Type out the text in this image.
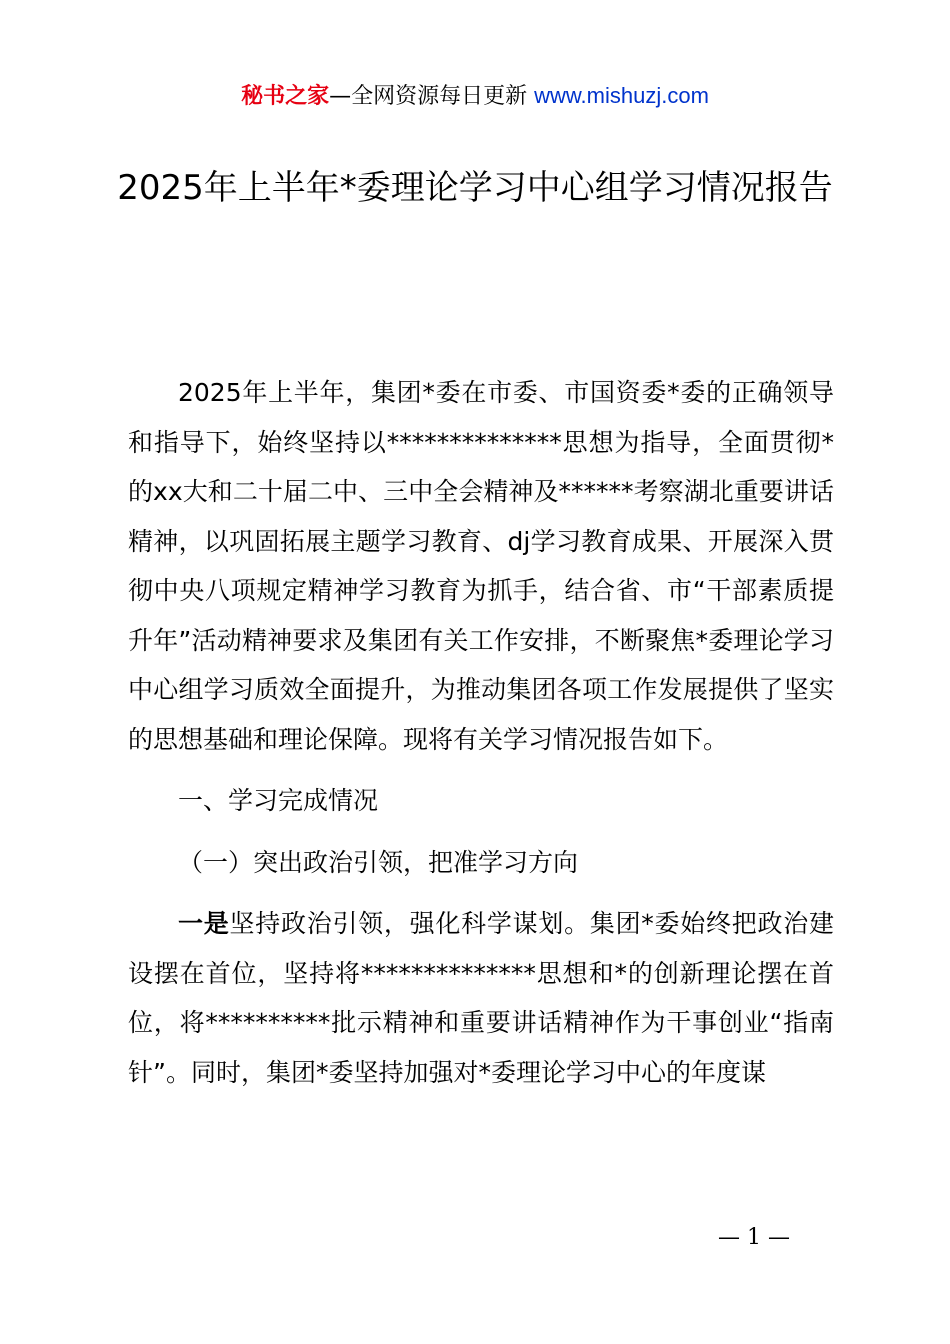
秘书之家—全网资源每日更新 www.mishuzj.com
2025年上半年*委理论学习中心组学习情况报告

2025年上半年，集团*委在市委、市国资委*委的正确领导和指导下，始终坚持以**************思想为指导，全面贯彻*的xx大和二十届二中、三中全会精神及******考察湖北重要讲话精神，以巩固拓展主题学习教育、dj学习教育成果、开展深入贯彻中央八项规定精神学习教育为抓手，结合省、市“干部素质提升年”活动精神要求及集团有关工作安排，不断聚焦*委理论学习中心组学习质效全面提升，为推动集团各项工作发展提供了坚实的思想基础和理论保障。现将有关学习情况报告如下。

一、学习完成情况

（一）突出政治引领，把准学习方向

一是坚持政治引领，强化科学谋划。集团*委始终把政治建设摆在首位，坚持将**************思想和*的创新理论摆在首位，将**********批示精神和重要讲话精神作为干事创业“指南针”。同时，集团*委坚持加强对*委理论学习中心的年度谋

— 1 —
